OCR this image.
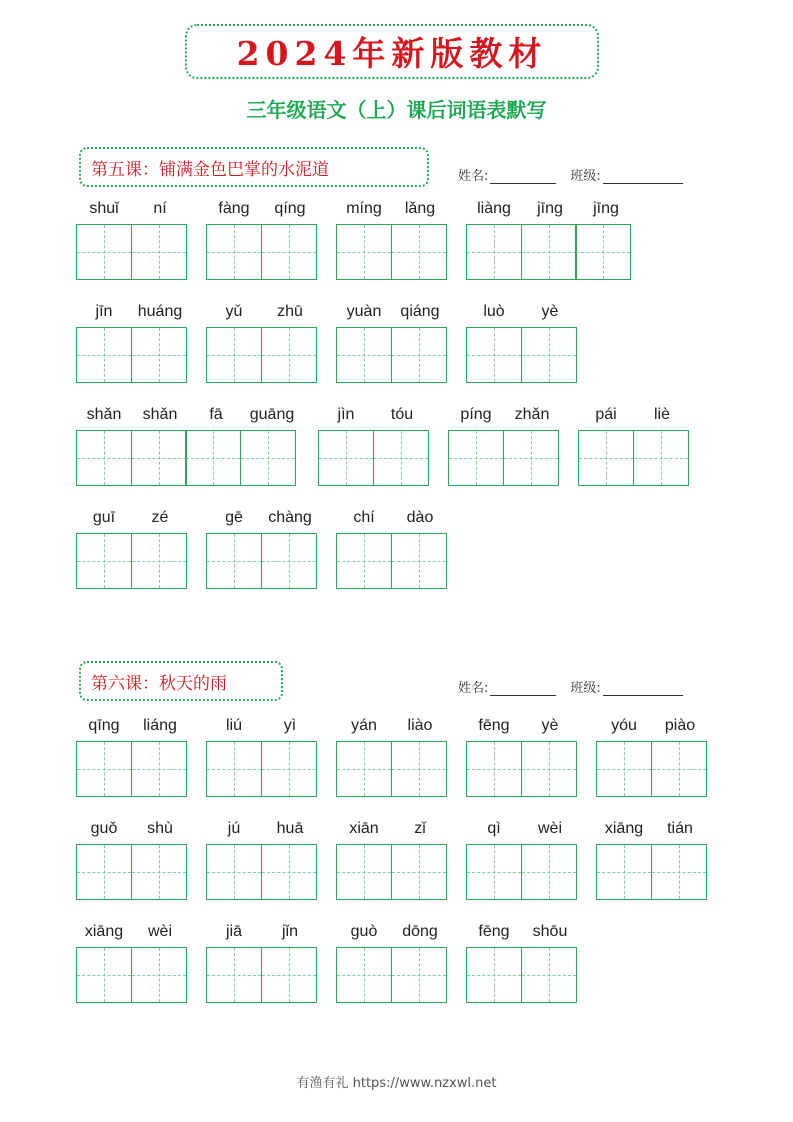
2024年新版教材
三年级语文（上）课后词语表默写
第五课：铺满金色巴掌的水泥道	姓名:	班级:
第六课：秋天的雨	姓名:	班级:
shuǐ	ní	fàng	qíng	míng	lǎng	liàng	jīng	jīng
jīn	huáng	yǔ	zhū	yuàn	qiáng	luò	yè
shǎn	shǎn	fā	guāng	jìn	tóu	píng	zhǎn	pái	liè
guī	zé	gē	chàng	chí	dào
qīng	liáng	liú	yì	yán	liào	fēng	yè	yóu	piào
guǒ	shù	jú	huā	xiān	zǐ	qì	wèi	xiāng	tián
xiāng	wèi	jiā	jǐn	guò	dōng	fēng	shōu
有渔有礼 https://www.nzxwl.net
